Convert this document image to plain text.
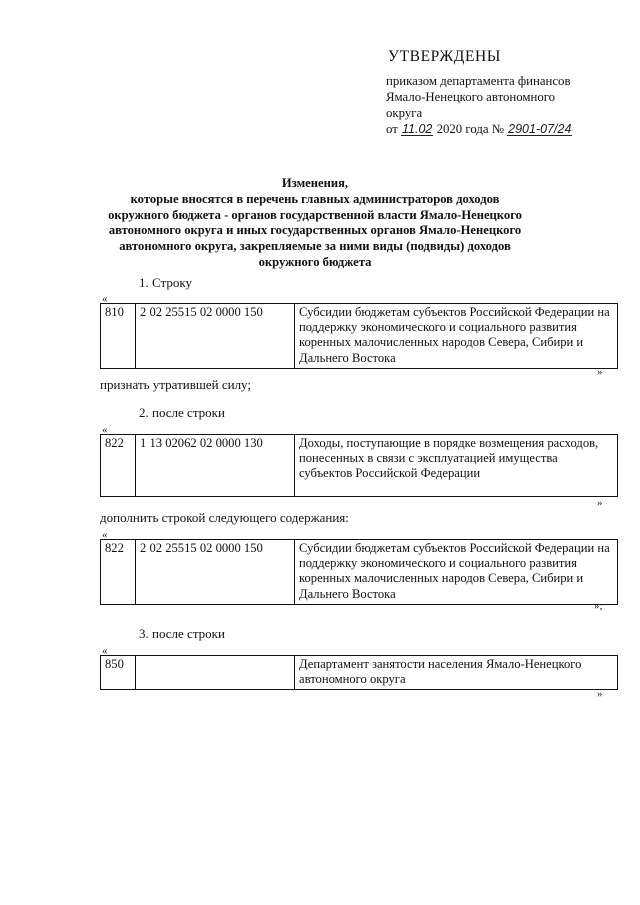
УТВЕРЖДЕНЫ
приказом департамента финансов
Ямало-Ненецкого автономного
округа
от 11.02 2020 года № 2901-07/24
Изменения,
которые вносятся в перечень главных администраторов доходов
окружного бюджета - органов государственной власти Ямало-Ненецкого
автономного округа и иных государственных органов Ямало-Ненецкого
автономного округа, закрепляемые за ними виды (подвиды) доходов
окружного бюджета
1. Строку
«
810	2 02 25515 02 0000 150	Субсидии бюджетам субъектов Российской Федерации на поддержку экономического и социального развития коренных малочисленных народов Севера, Сибири и Дальнего Востока
»
признать утратившей силу;
2. после строки
«
822	1 13 02062 02 0000 130	Доходы, поступающие в порядке возмещения расходов, понесенных в связи с эксплуатацией имущества субъектов Российской Федерации
»
дополнить строкой следующего содержания:
«
822	2 02 25515 02 0000 150	Субсидии бюджетам субъектов Российской Федерации на поддержку экономического и социального развития коренных малочисленных народов Севера, Сибири и Дальнего Востока
»;
3. после строки
«
850		Департамент занятости населения Ямало-Ненецкого автономного округа
»
